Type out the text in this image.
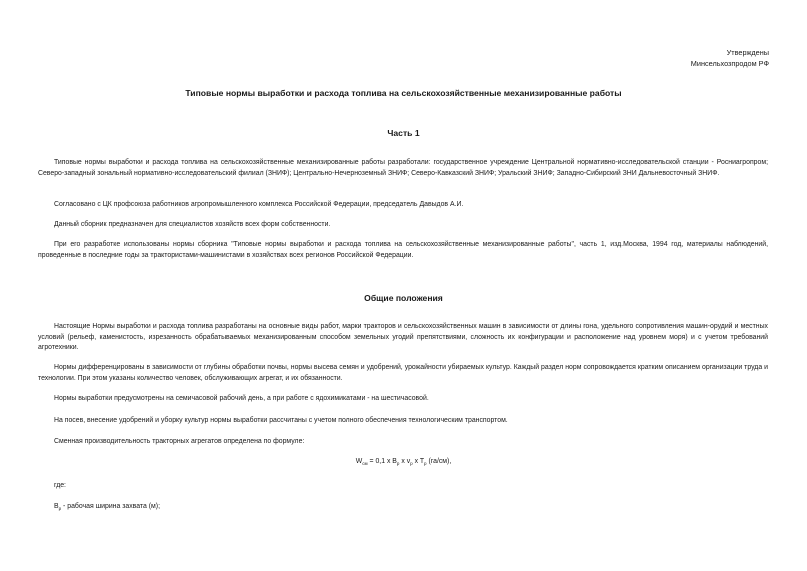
Утверждены
Минсельхозпродом РФ
Типовые нормы выработки и расхода топлива на сельскохозяйственные механизированные работы
Часть 1
Типовые нормы выработки и расхода топлива на сельскохозяйственные механизированные работы разработали: государственное учреждение Центральной нормативно-исследовательской станции - Росниагропром; Северо-западный зональный нормативно-исследовательский филиал (ЗНИФ); Центрально-Нечерноземный ЗНИФ; Северо-Кавказский ЗНИФ; Уральский ЗНИФ; Западно-Сибирский ЗНИ Дальневосточный ЗНИФ.
Согласовано с ЦК профсоюза работников агропромышленного комплекса Российской Федерации, председатель Давыдов А.И.
Данный сборник предназначен для специалистов хозяйств всех форм собственности.
При его разработке использованы нормы сборника "Типовые нормы выработки и расхода топлива на сельскохозяйственные механизированные работы", часть 1, изд.Москва, 1994 год, материалы наблюдений, проведенные в последние годы за трактористами-машинистами в хозяйствах всех регионов Российской Федерации.
Общие положения
Настоящие Нормы выработки и расхода топлива разработаны на основные виды работ, марки тракторов и сельскохозяйственных машин в зависимости от длины гона, удельного сопротивления машин-орудий и местных условий (рельеф, каменистость, изрезанность обрабатываемых механизированным способом земельных угодий препятствиями, сложность их конфигурации и расположение над уровнем моря) и с учетом требований агротехники.
Нормы дифференцированы в зависимости от глубины обработки почвы, нормы высева семян и удобрений, урожайности убираемых культур. Каждый раздел норм сопровождается кратким описанием организации труда и технологии. При этом указаны количество человек, обслуживающих агрегат, и их обязанности.
Нормы выработки предусмотрены на семичасовой рабочий день, а при работе с ядохимикатами - на шестичасовой.
На посев, внесение удобрений и уборку культур нормы выработки рассчитаны с учетом полного обеспечения технологическим транспортом.
Сменная производительность тракторных агрегатов определена по формуле:
$W_{см} = 0,1$ x $B_р$ x $v_р$ x $T_р$ (га/см),
где:
$B_р$ - рабочая ширина захвата (м);
